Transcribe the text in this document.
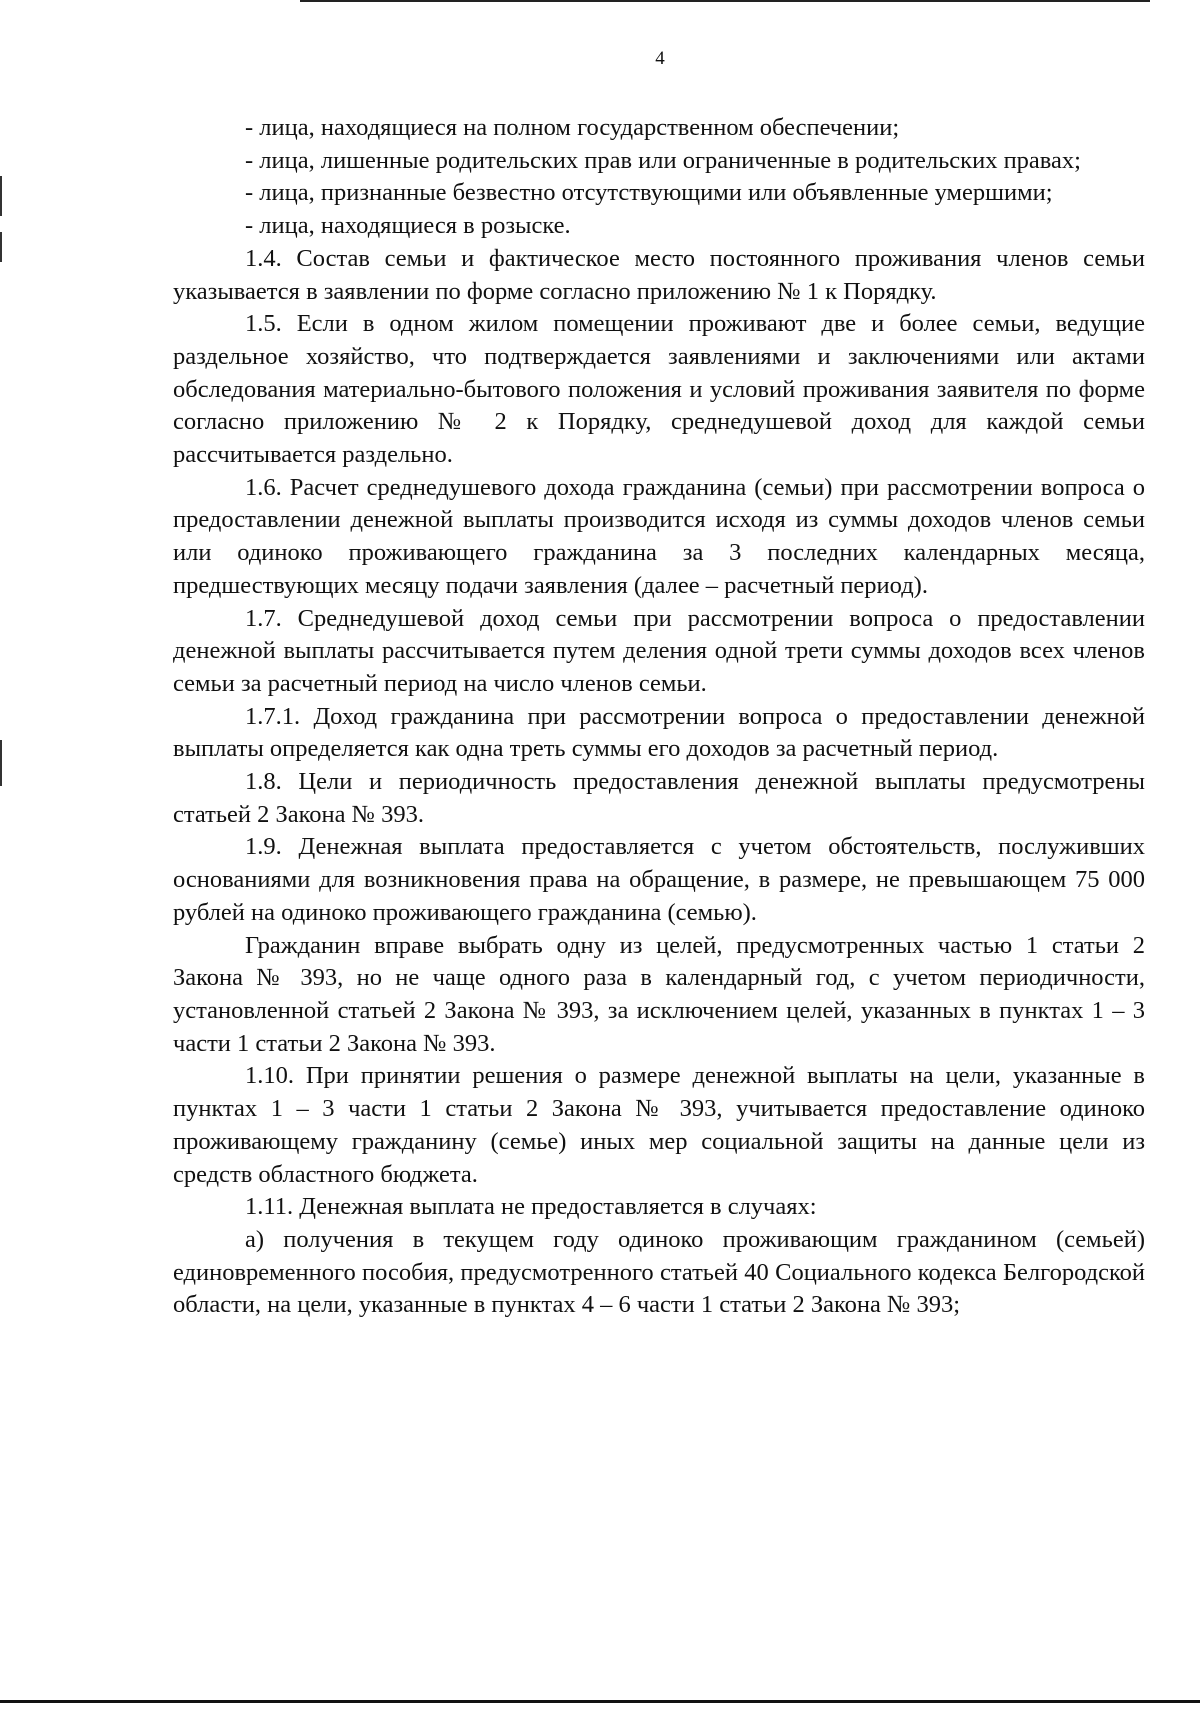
4

- лица, находящиеся на полном государственном обеспечении;

- лица, лишенные родительских прав или ограниченные в родительских правах;

- лица, признанные безвестно отсутствующими или объявленные умершими;

- лица, находящиеся в розыске.

1.4. Состав семьи и фактическое место постоянного проживания членов семьи указывается в заявлении по форме согласно приложению № 1 к Порядку.

1.5. Если в одном жилом помещении проживают две и более семьи, ведущие раздельное хозяйство, что подтверждается заявлениями и заключениями или актами обследования материально-бытового положения и условий проживания заявителя по форме согласно приложению № 2 к Порядку, среднедушевой доход для каждой семьи рассчитывается раздельно.

1.6. Расчет среднедушевого дохода гражданина (семьи) при рассмотрении вопроса о предоставлении денежной выплаты производится исходя из суммы доходов членов семьи или одиноко проживающего гражданина за 3 последних календарных месяца, предшествующих месяцу подачи заявления (далее – расчетный период).

1.7. Среднедушевой доход семьи при рассмотрении вопроса о предоставлении денежной выплаты рассчитывается путем деления одной трети суммы доходов всех членов семьи за расчетный период на число членов семьи.

1.7.1. Доход гражданина при рассмотрении вопроса о предоставлении денежной выплаты определяется как одна треть суммы его доходов за расчетный период.

1.8. Цели и периодичность предоставления денежной выплаты предусмотрены статьей 2 Закона № 393.

1.9. Денежная выплата предоставляется с учетом обстоятельств, послуживших основаниями для возникновения права на обращение, в размере, не превышающем 75 000 рублей на одиноко проживающего гражданина (семью).

Гражданин вправе выбрать одну из целей, предусмотренных частью 1 статьи 2 Закона № 393, но не чаще одного раза в календарный год, с учетом периодичности, установленной статьей 2 Закона № 393, за исключением целей, указанных в пунктах 1 – 3 части 1 статьи 2 Закона № 393.

1.10. При принятии решения о размере денежной выплаты на цели, указанные в пунктах 1 – 3 части 1 статьи 2 Закона № 393, учитывается предоставление одиноко проживающему гражданину (семье) иных мер социальной защиты на данные цели из средств областного бюджета.

1.11. Денежная выплата не предоставляется в случаях:

а) получения в текущем году одиноко проживающим гражданином (семьей) единовременного пособия, предусмотренного статьей 40 Социального кодекса Белгородской области, на цели, указанные в пунктах 4 – 6 части 1 статьи 2 Закона № 393;
